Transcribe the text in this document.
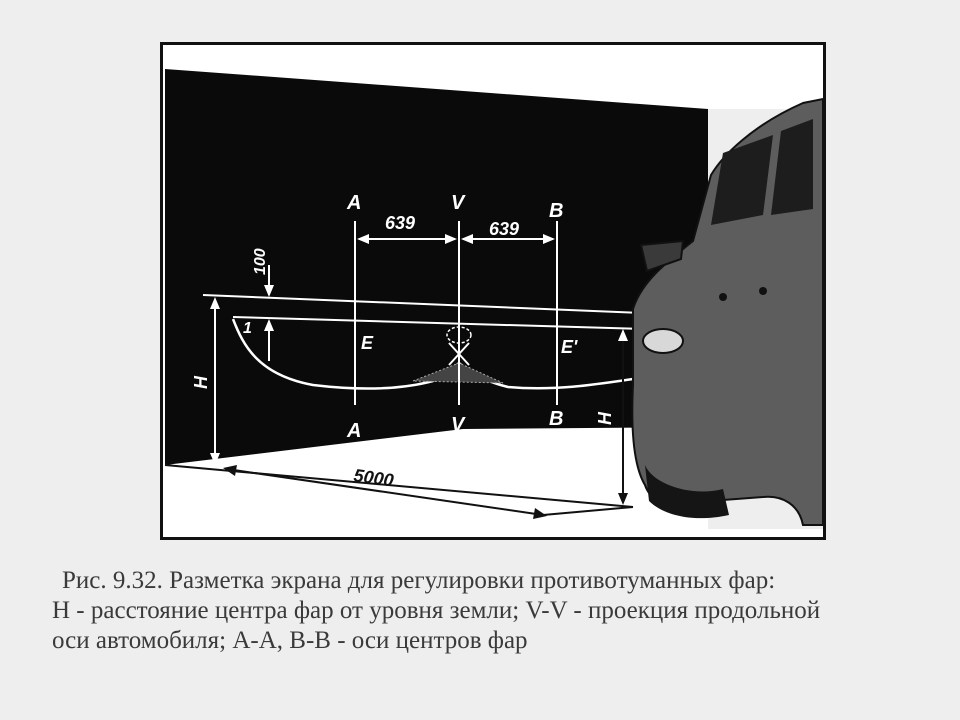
A	V	B
639	639
100
1
E	E'
H
A	V	B H
5000
Рис. 9.32. Разметка экрана для регулировки противотуманных фар:
Н - расстояние центра фар от уровня земли; V-V - проекция продольной
оси автомобиля; А-А, В-В - оси центров фар
